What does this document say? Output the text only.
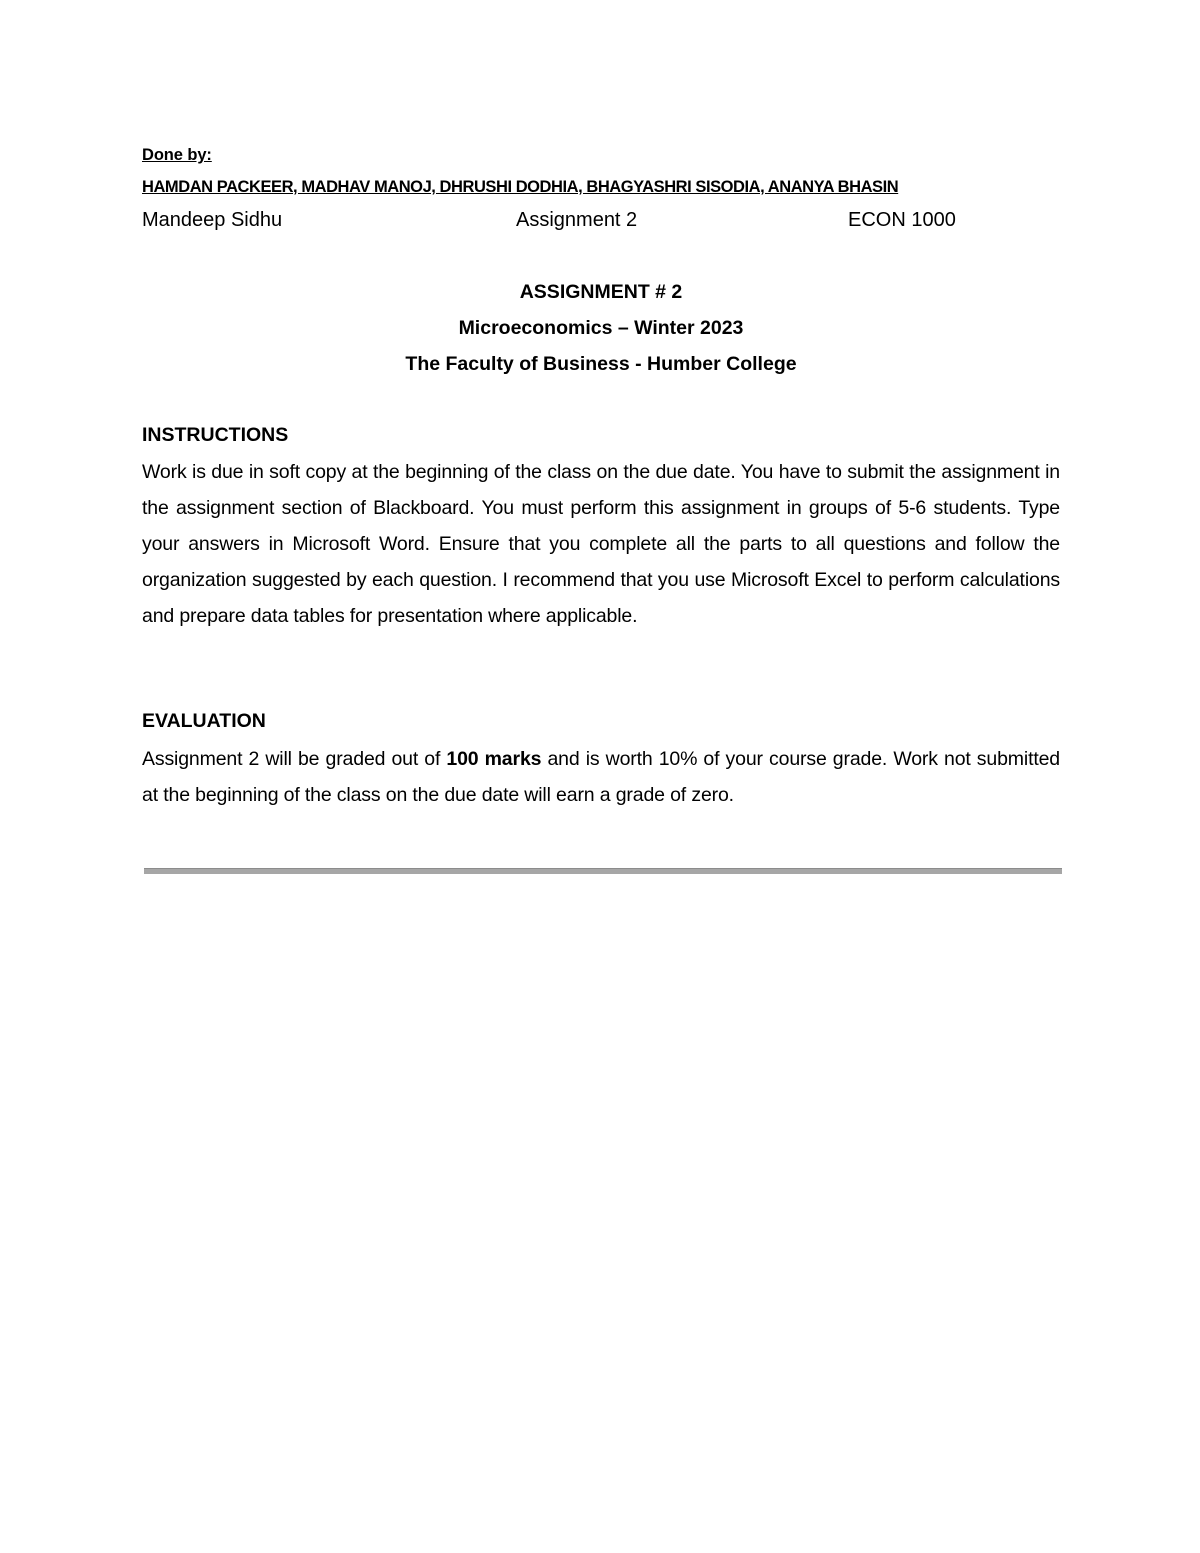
Done by:
HAMDAN PACKEER, MADHAV MANOJ, DHRUSHI DODHIA, BHAGYASHRI SISODIA, ANANYA BHASIN
Mandeep Sidhu	Assignment 2	ECON 1000
ASSIGNMENT # 2
Microeconomics – Winter 2023
The Faculty of Business - Humber College
INSTRUCTIONS
Work is due in soft copy at the beginning of the class on the due date. You have to submit the assignment in the assignment section of Blackboard. You must perform this assignment in groups of 5-6 students. Type your answers in Microsoft Word. Ensure that you complete all the parts to all questions and follow the organization suggested by each question. I recommend that you use Microsoft Excel to perform calculations and prepare data tables for presentation where applicable.
EVALUATION
Assignment 2 will be graded out of 100 marks and is worth 10% of your course grade. Work not submitted at the beginning of the class on the due date will earn a grade of zero.
